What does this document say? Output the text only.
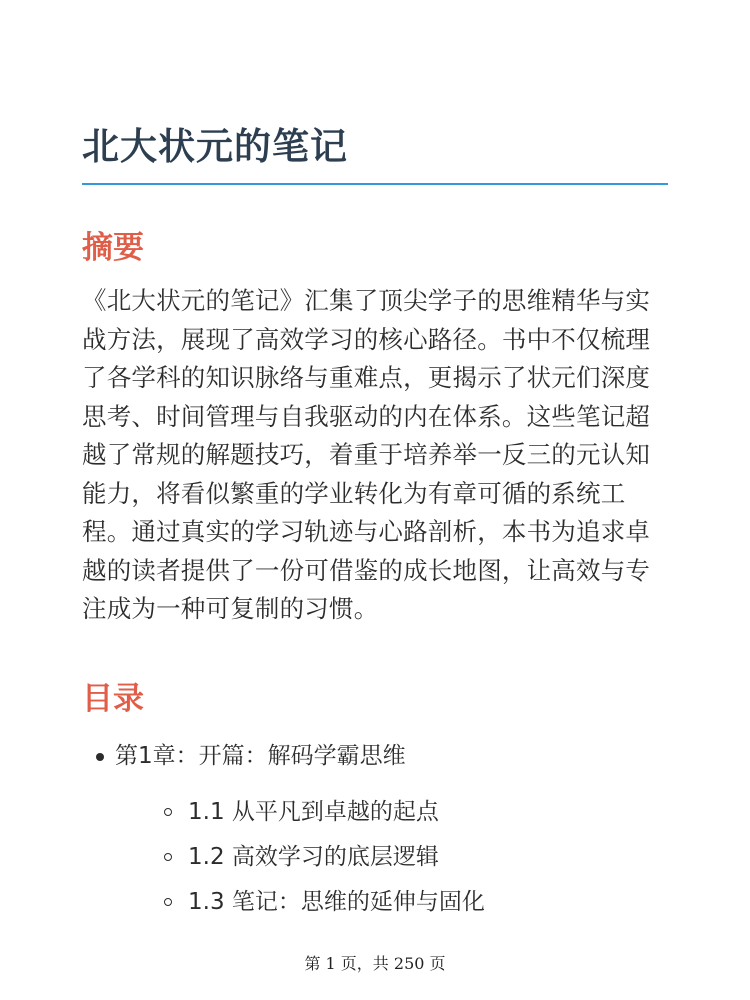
北大状元的笔记
摘要

《北大状元的笔记》汇集了顶尖学子的思维精华与实战方法，展现了高效学习的核心路径。书中不仅梳理了各学科的知识脉络与重难点，更揭示了状元们深度思考、时间管理与自我驱动的内在体系。这些笔记超越了常规的解题技巧，着重于培养举一反三的元认知能力，将看似繁重的学业转化为有章可循的系统工程。通过真实的学习轨迹与心路剖析，本书为追求卓越的读者提供了一份可借鉴的成长地图，让高效与专注成为一种可复制的习惯。

目录
第1章：开篇：解码学霸思维
1.1 从平凡到卓越的起点
1.2 高效学习的底层逻辑
1.3 笔记：思维的延伸与固化
第 1 页，共 250 页
